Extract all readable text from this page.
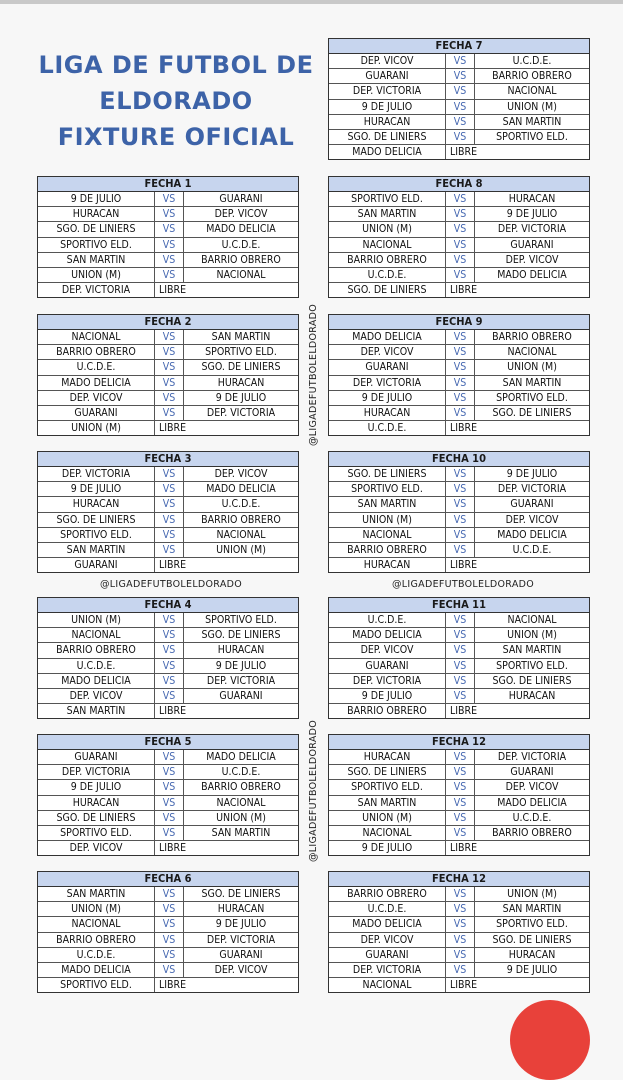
LIGA DE FUTBOL DE
ELDORADO
FIXTURE OFICIAL
FECHA 1
9 DE JULIO	VS	GUARANI
HURACAN	VS	DEP. VICOV
SGO. DE LINIERS	VS	MADO DELICIA
SPORTIVO ELD.	VS	U.C.D.E.
SAN MARTIN	VS	BARRIO OBRERO
UNION (M)	VS	NACIONAL
DEP. VICTORIA	LIBRE
FECHA 2
NACIONAL	VS	SAN MARTIN
BARRIO OBRERO	VS	SPORTIVO ELD.
U.C.D.E.	VS	SGO. DE LINIERS
MADO DELICIA	VS	HURACAN
DEP. VICOV	VS	9 DE JULIO
GUARANI	VS	DEP. VICTORIA
UNION (M)	LIBRE
FECHA 3
DEP. VICTORIA	VS	DEP. VICOV
9 DE JULIO	VS	MADO DELICIA
HURACAN	VS	U.C.D.E.
SGO. DE LINIERS	VS	BARRIO OBRERO
SPORTIVO ELD.	VS	NACIONAL
SAN MARTIN	VS	UNION (M)
GUARANI	LIBRE
FECHA 4
UNION (M)	VS	SPORTIVO ELD.
NACIONAL	VS	SGO. DE LINIERS
BARRIO OBRERO	VS	HURACAN
U.C.D.E.	VS	9 DE JULIO
MADO DELICIA	VS	DEP. VICTORIA
DEP. VICOV	VS	GUARANI
SAN MARTIN	LIBRE
FECHA 5
GUARANI	VS	MADO DELICIA
DEP. VICTORIA	VS	U.C.D.E.
9 DE JULIO	VS	BARRIO OBRERO
HURACAN	VS	NACIONAL
SGO. DE LINIERS	VS	UNION (M)
SPORTIVO ELD.	VS	SAN MARTIN
DEP. VICOV	LIBRE
FECHA 6
SAN MARTIN	VS	SGO. DE LINIERS
UNION (M)	VS	HURACAN
NACIONAL	VS	9 DE JULIO
BARRIO OBRERO	VS	DEP. VICTORIA
U.C.D.E.	VS	GUARANI
MADO DELICIA	VS	DEP. VICOV
SPORTIVO ELD.	LIBRE
FECHA 7
DEP. VICOV	VS	U.C.D.E.
GUARANI	VS	BARRIO OBRERO
DEP. VICTORIA	VS	NACIONAL
9 DE JULIO	VS	UNION (M)
HURACAN	VS	SAN MARTIN
SGO. DE LINIERS	VS	SPORTIVO ELD.
MADO DELICIA	LIBRE
FECHA 8
SPORTIVO ELD.	VS	HURACAN
SAN MARTIN	VS	9 DE JULIO
UNION (M)	VS	DEP. VICTORIA
NACIONAL	VS	GUARANI
BARRIO OBRERO	VS	DEP. VICOV
U.C.D.E.	VS	MADO DELICIA
SGO. DE LINIERS	LIBRE
FECHA 9
MADO DELICIA	VS	BARRIO OBRERO
DEP. VICOV	VS	NACIONAL
GUARANI	VS	UNION (M)
DEP. VICTORIA	VS	SAN MARTIN
9 DE JULIO	VS	SPORTIVO ELD.
HURACAN	VS	SGO. DE LINIERS
U.C.D.E.	LIBRE
FECHA 10
SGO. DE LINIERS	VS	9 DE JULIO
SPORTIVO ELD.	VS	DEP. VICTORIA
SAN MARTIN	VS	GUARANI
UNION (M)	VS	DEP. VICOV
NACIONAL	VS	MADO DELICIA
BARRIO OBRERO	VS	U.C.D.E.
HURACAN	LIBRE
FECHA 11
U.C.D.E.	VS	NACIONAL
MADO DELICIA	VS	UNION (M)
DEP. VICOV	VS	SAN MARTIN
GUARANI	VS	SPORTIVO ELD.
DEP. VICTORIA	VS	SGO. DE LINIERS
9 DE JULIO	VS	HURACAN
BARRIO OBRERO	LIBRE
FECHA 12
HURACAN	VS	DEP. VICTORIA
SGO. DE LINIERS	VS	GUARANI
SPORTIVO ELD.	VS	DEP. VICOV
SAN MARTIN	VS	MADO DELICIA
UNION (M)	VS	U.C.D.E.
NACIONAL	VS	BARRIO OBRERO
9 DE JULIO	LIBRE
FECHA 12
BARRIO OBRERO	VS	UNION (M)
U.C.D.E.	VS	SAN MARTIN
MADO DELICIA	VS	SPORTIVO ELD.
DEP. VICOV	VS	SGO. DE LINIERS
GUARANI	VS	HURACAN
DEP. VICTORIA	VS	9 DE JULIO
NACIONAL	LIBRE
@LIGADEFUTBOLELDORADO	@LIGADEFUTBOLELDORADO
@LIGADEFUTBOLELDORADO
@LIGADEFUTBOLELDORADO
